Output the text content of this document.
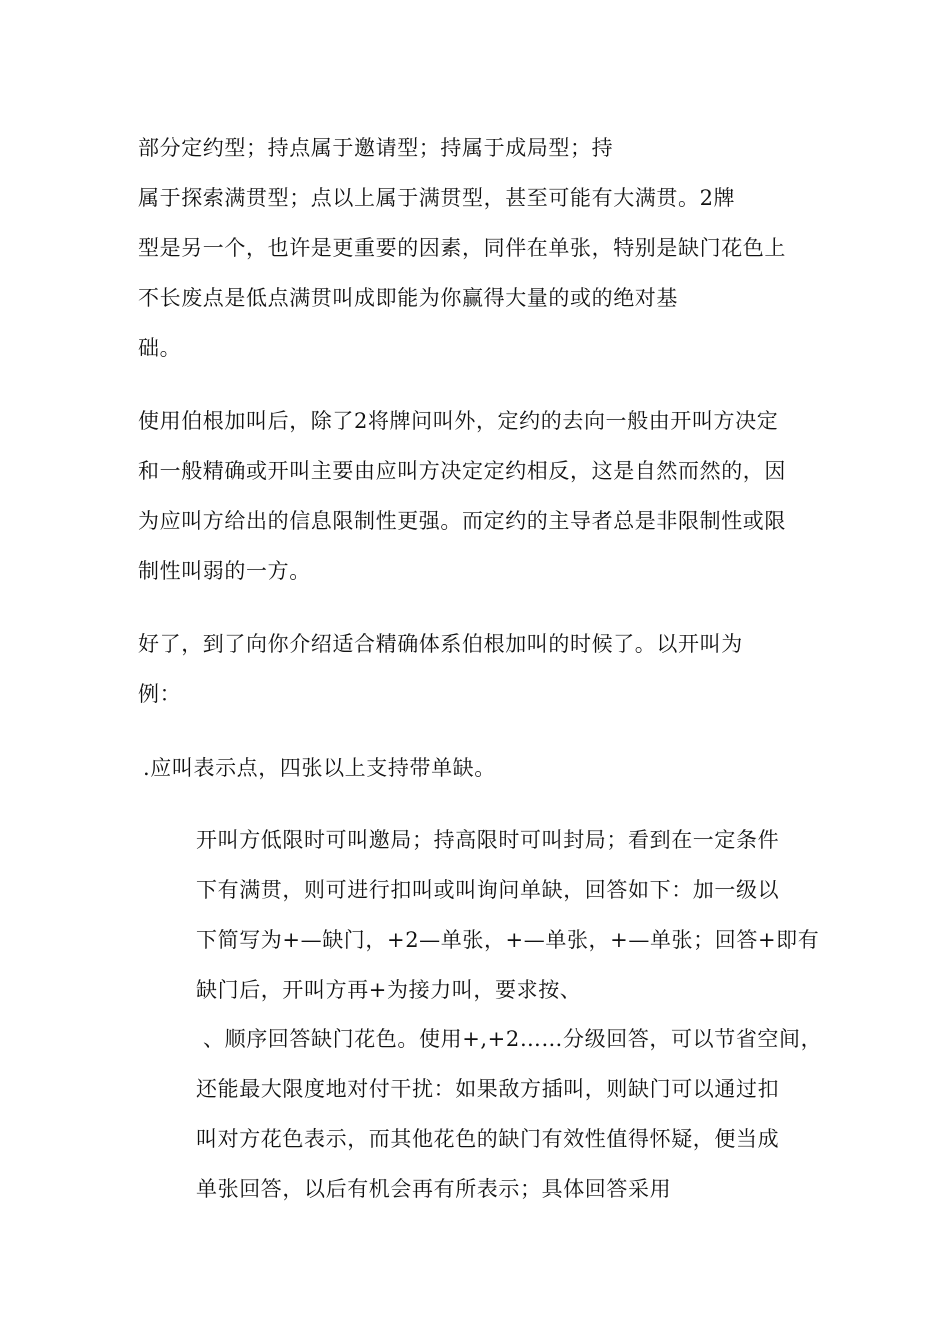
部分定约型；持点属于邀请型；持属于成局型；持
属于探索满贯型；点以上属于满贯型，甚至可能有大满贯。2牌
型是另一个，也许是更重要的因素，同伴在单张，特别是缺门花色上
不长废点是低点满贯叫成即能为你赢得大量的或的绝对基
础。
使用伯根加叫后，除了2将牌问叫外，定约的去向一般由开叫方决定
和一般精确或开叫主要由应叫方决定定约相反，这是自然而然的，因
为应叫方给出的信息限制性更强。而定约的主导者总是非限制性或限
制性叫弱的一方。
好了，到了向你介绍适合精确体系伯根加叫的时候了。以开叫为
例：
.应叫表示点，四张以上支持带单缺。
开叫方低限时可叫邀局；持高限时可叫封局；看到在一定条件
下有满贯，则可进行扣叫或叫询问单缺，回答如下：加一级以
下简写为+—缺门，+2—单张，+—单张，+—单张；回答+即有
缺门后，开叫方再+为接力叫，要求按、
、顺序回答缺门花色。使用+,+2……分级回答，可以节省空间，
还能最大限度地对付干扰：如果敌方插叫，则缺门可以通过扣
叫对方花色表示，而其他花色的缺门有效性值得怀疑，便当成
单张回答，以后有机会再有所表示；具体回答采用
